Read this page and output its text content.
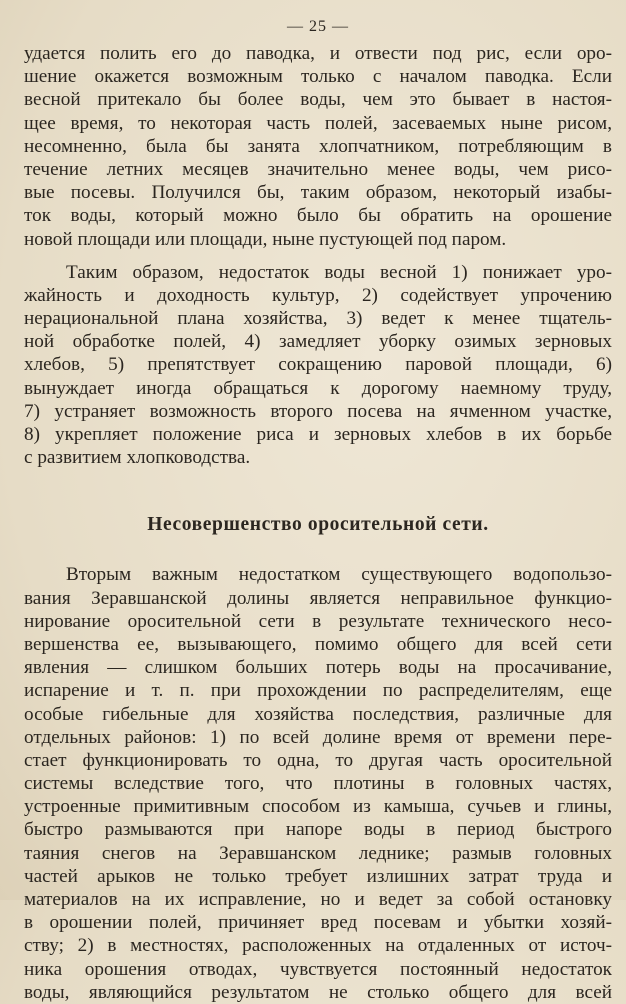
— 25 —
удается полить его до паводка, и отвести под рис, если оро-
шение окажется возможным только с началом паводка. Если
весной притекало бы более воды, чем это бывает в настоя-
щее время, то некоторая часть полей, засеваемых ныне рисом,
несомненно, была бы занята хлопчатником, потребляющим в
течение летних месяцев значительно менее воды, чем рисо-
вые посевы. Получился бы, таким образом, некоторый изабы-
ток воды, который можно было бы обратить на орошение
новой площади или площади, ныне пустующей под паром.
Таким образом, недостаток воды весной 1) понижает уро-
жайность и доходность культур, 2) содействует упрочению
нерациональной плана хозяйства, 3) ведет к менее тщатель-
ной обработке полей, 4) замедляет уборку озимых зерновых
хлебов, 5) препятствует сокращению паровой площади, 6)
вынуждает иногда обращаться к дорогому наемному труду,
7) устраняет возможность второго посева на ячменном участке,
8) укрепляет положение риса и зерновых хлебов в их борьбе
с развитием хлопководства.
Несовершенство оросительной сети.
Вторым важным недостатком существующего водопользо-
вания Зеравшанской долины является неправильное функцио-
нирование оросительной сети в результате технического несо-
вершенства ее, вызывающего, помимо общего для всей сети
явления — слишком больших потерь воды на просачивание,
испарение и т. п. при прохождении по распределителям, еще
особые гибельные для хозяйства последствия, различные для
отдельных районов: 1) по всей долине время от времени пере-
стает функционировать то одна, то другая часть оросительной
системы вследствие того, что плотины в головных частях,
устроенные примитивным способом из камыша, сучьев и глины,
быстро размываются при напоре воды в период быстрого
таяния снегов на Зеравшанском леднике; размыв головных
частей арыков не только требует излишних затрат труда и
материалов на их исправление, но и ведет за собой остановку
в орошении полей, причиняет вред посевам и убытки хозяй-
ству; 2) в местностях, расположенных на отдаленных от источ-
ника орошения отводах, чувствуется постоянный недостаток
воды, являющийся результатом не столько общего для всей
